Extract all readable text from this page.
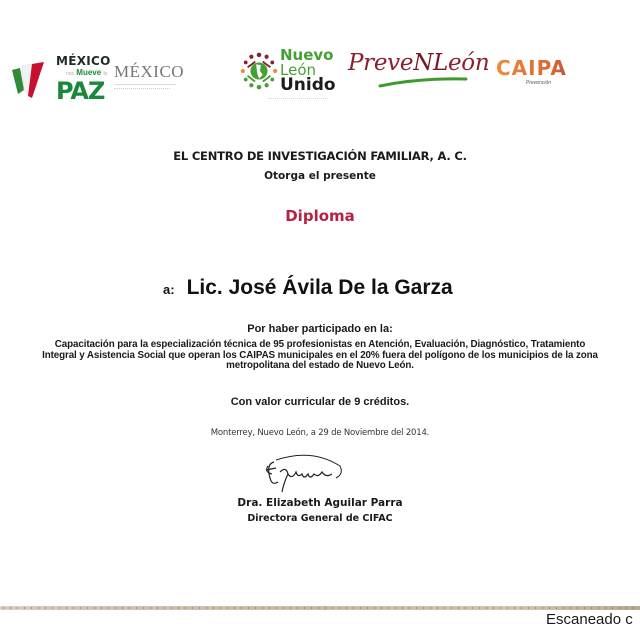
MÉXICO
nos Mueve la
PAZ
MÉXICO
Nuevo
León
Unido
PreveNLeón CAIPA
Prevención
EL CENTRO DE INVESTIGACIÓN FAMILIAR, A. C.
Otorga el presente
Diploma
a: Lic. José Ávila De la Garza
Por haber participado en la:
Capacitación para la especialización técnica de 95 profesionistas en Atención, Evaluación, Diagnóstico, Tratamiento
Integral y Asistencia Social que operan los CAIPAS municipales en el 20% fuera del polígono de los municipios de la zona
metropolitana del estado de Nuevo León.
Con valor curricular de 9 créditos.
Monterrey, Nuevo León, a 29 de Noviembre del 2014.
Dra. Elizabeth Aguilar Parra
Directora General de CIFAC
Escaneado c
